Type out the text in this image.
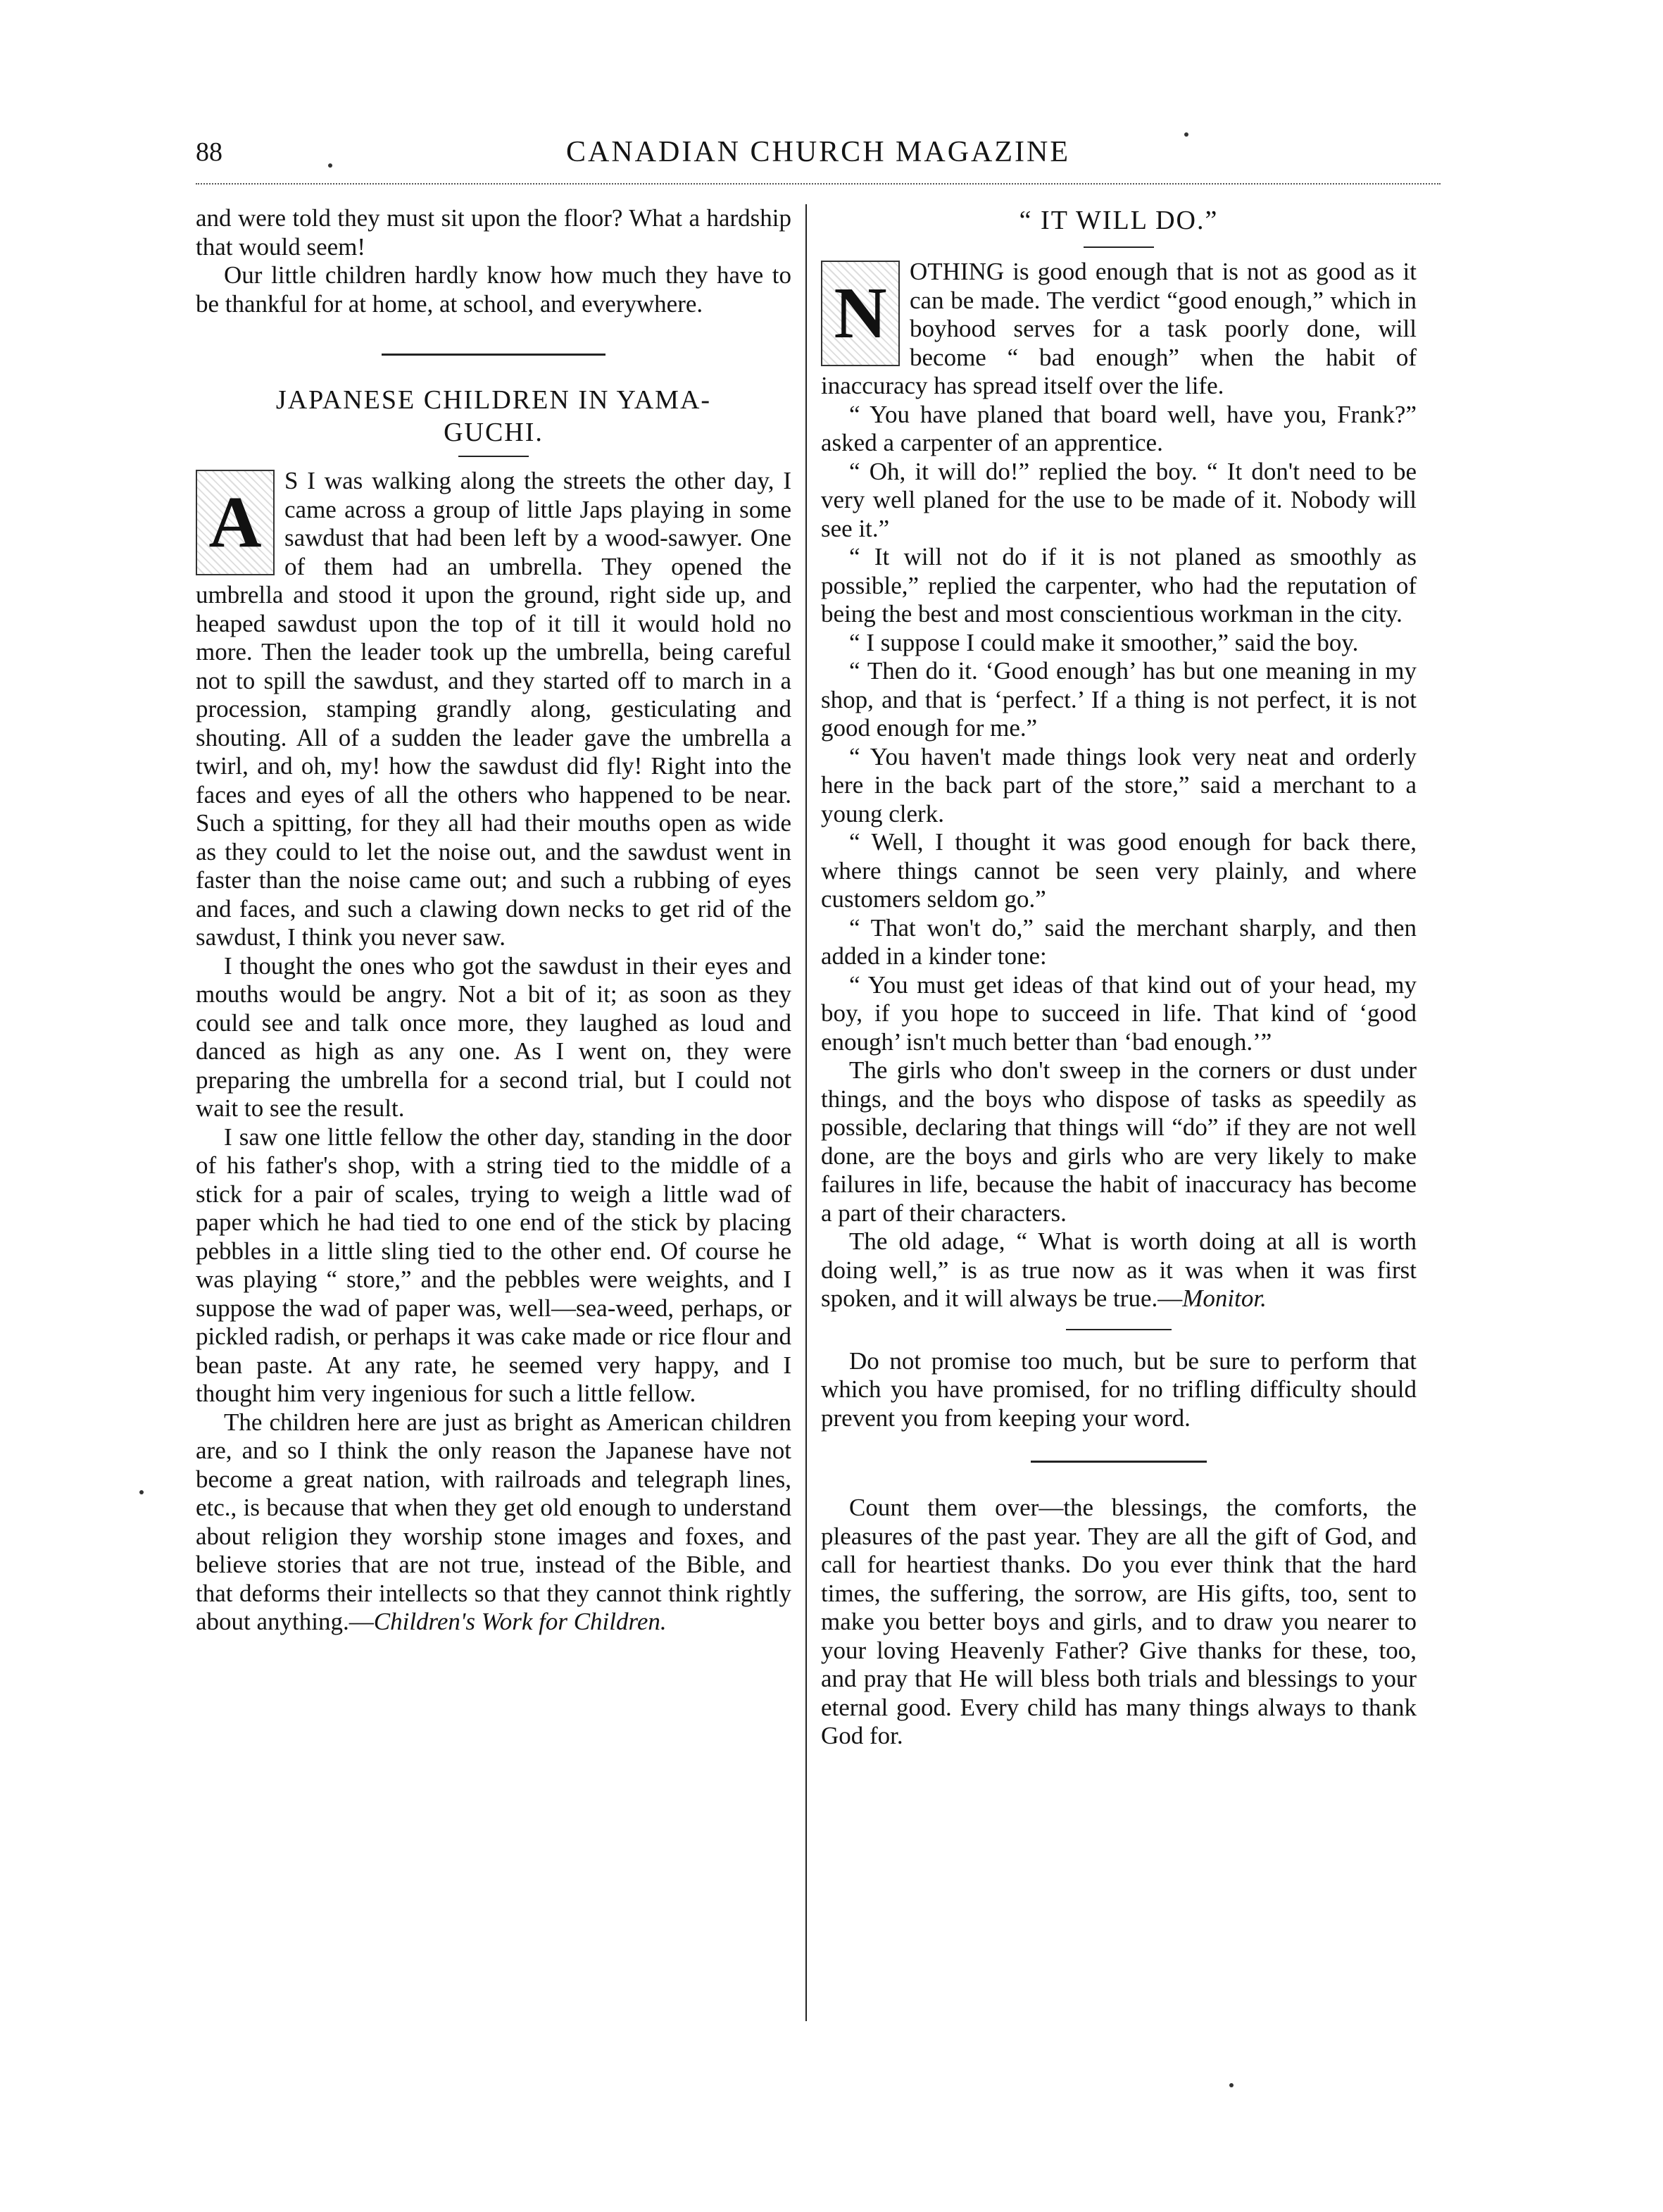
88	CANADIAN CHURCH MAGAZINE

and were told they must sit upon the floor? What a hardship that would seem!

Our little children hardly know how much they have to be thankful for at home, at school, and everywhere.

JAPANESE CHILDREN IN YAMA-
GUCHI.

A
S I was walking along the streets the other day, I came across a group of little Japs playing in some sawdust that had been left by a wood-sawyer. One of them had an umbrella. They opened the umbrella and stood it upon the ground, right side up, and heaped sawdust upon the top of it till it would hold no more. Then the leader took up the umbrella, being careful not to spill the sawdust, and they started off to march in a procession, stamping grandly along, gesticulating and shouting. All of a sudden the leader gave the umbrella a twirl, and oh, my! how the sawdust did fly! Right into the faces and eyes of all the others who happened to be near. Such a spitting, for they all had their mouths open as wide as they could to let the noise out, and the sawdust went in faster than the noise came out; and such a rubbing of eyes and faces, and such a clawing down necks to get rid of the sawdust, I think you never saw.

I thought the ones who got the sawdust in their eyes and mouths would be angry. Not a bit of it; as soon as they could see and talk once more, they laughed as loud and danced as high as any one. As I went on, they were preparing the umbrella for a second trial, but I could not wait to see the result.

I saw one little fellow the other day, standing in the door of his father's shop, with a string tied to the middle of a stick for a pair of scales, trying to weigh a little wad of paper which he had tied to one end of the stick by placing pebbles in a little sling tied to the other end. Of course he was playing “ store,” and the pebbles were weights, and I suppose the wad of paper was, well—sea-weed, perhaps, or pickled radish, or perhaps it was cake made or rice flour and bean paste. At any rate, he seemed very happy, and I thought him very ingenious for such a little fellow.

The children here are just as bright as American children are, and so I think the only reason the Japanese have not become a great nation, with railroads and telegraph lines, etc., is because that when they get old enough to understand about religion they worship stone images and foxes, and believe stories that are not true, instead of the Bible, and that deforms their intellects so that they cannot think rightly about anything.—Children's Work for Children.

“ IT WILL DO.”

N
OTHING is good enough that is not as good as it can be made. The verdict “good enough,” which in boyhood serves for a task poorly done, will become “ bad enough” when the habit of inaccuracy has spread itself over the life.

“ You have planed that board well, have you, Frank?” asked a carpenter of an apprentice.

“ Oh, it will do!” replied the boy. “ It don't need to be very well planed for the use to be made of it. Nobody will see it.”

“ It will not do if it is not planed as smoothly as possible,” replied the carpenter, who had the reputation of being the best and most conscientious workman in the city.

“ I suppose I could make it smoother,” said the boy.

“ Then do it. ‘Good enough’ has but one meaning in my shop, and that is ‘perfect.’ If a thing is not perfect, it is not good enough for me.”

“ You haven't made things look very neat and orderly here in the back part of the store,” said a merchant to a young clerk.

“ Well, I thought it was good enough for back there, where things cannot be seen very plainly, and where customers seldom go.”

“ That won't do,” said the merchant sharply, and then added in a kinder tone:

“ You must get ideas of that kind out of your head, my boy, if you hope to succeed in life. That kind of ‘good enough’ isn't much better than ‘bad enough.’”

The girls who don't sweep in the corners or dust under things, and the boys who dispose of tasks as speedily as possible, declaring that things will “do” if they are not well done, are the boys and girls who are very likely to make failures in life, because the habit of inaccuracy has become a part of their characters.

The old adage, “ What is worth doing at all is worth doing well,” is as true now as it was when it was first spoken, and it will always be true.—Monitor.

Do not promise too much, but be sure to perform that which you have promised, for no trifling difficulty should prevent you from keeping your word.

Count them over—the blessings, the comforts, the pleasures of the past year. They are all the gift of God, and call for heartiest thanks. Do you ever think that the hard times, the suffering, the sorrow, are His gifts, too, sent to make you better boys and girls, and to draw you nearer to your loving Heavenly Father? Give thanks for these, too, and pray that He will bless both trials and blessings to your eternal good. Every child has many things always to thank God for.
